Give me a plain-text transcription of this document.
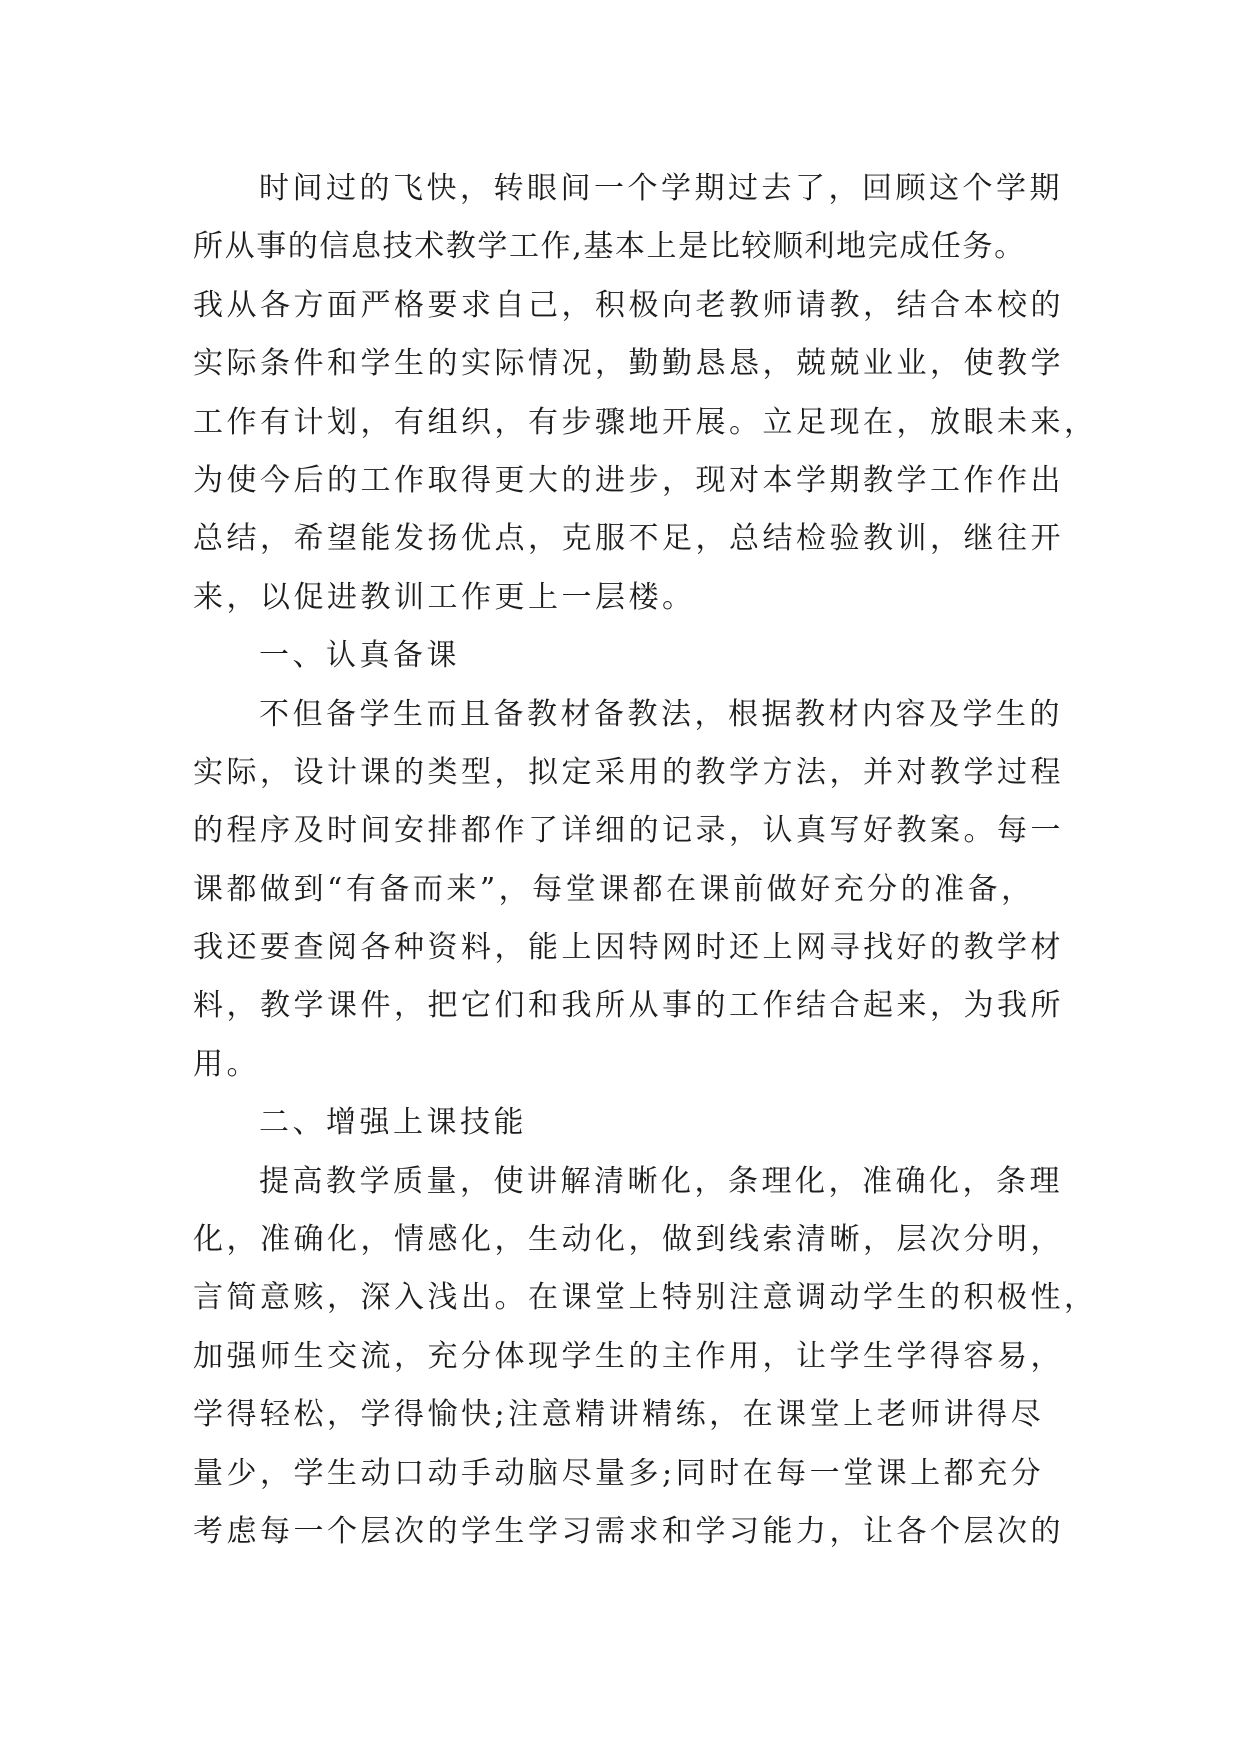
时间过的飞快，转眼间一个学期过去了，回顾这个学期
所从事的信息技术教学工作,基本上是比较顺利地完成任务。
我从各方面严格要求自己，积极向老教师请教，结合本校的
实际条件和学生的实际情况，勤勤恳恳，兢兢业业，使教学
工作有计划，有组织，有步骤地开展。立足现在，放眼未来，
为使今后的工作取得更大的进步，现对本学期教学工作作出
总结，希望能发扬优点，克服不足，总结检验教训，继往开
来，以促进教训工作更上一层楼。
一、认真备课
不但备学生而且备教材备教法，根据教材内容及学生的
实际，设计课的类型，拟定采用的教学方法，并对教学过程
的程序及时间安排都作了详细的记录，认真写好教案。每一
课都做到“有备而来”，每堂课都在课前做好充分的准备，
我还要查阅各种资料，能上因特网时还上网寻找好的教学材
料，教学课件，把它们和我所从事的工作结合起来，为我所
用。
二、增强上课技能
提高教学质量，使讲解清晰化，条理化，准确化，条理
化，准确化，情感化，生动化，做到线索清晰，层次分明，
言简意赅，深入浅出。在课堂上特别注意调动学生的积极性，
加强师生交流，充分体现学生的主作用，让学生学得容易，
学得轻松，学得愉快;注意精讲精练，在课堂上老师讲得尽
量少，学生动口动手动脑尽量多;同时在每一堂课上都充分
考虑每一个层次的学生学习需求和学习能力，让各个层次的
